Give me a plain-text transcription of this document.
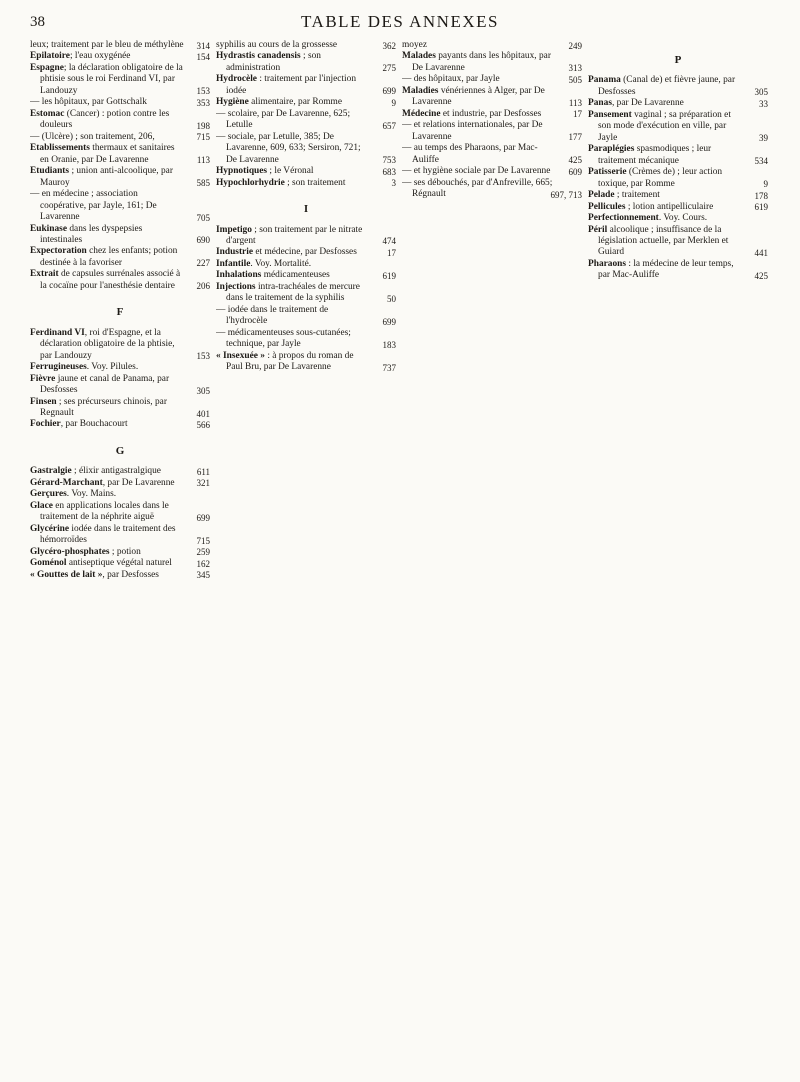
38	TABLE DES ANNEXES
leux; traitement par le bleu de méthylène 314
Epilatoire; l'eau oxygénée	154
Espagne; la déclaration obligatoire de la phtisie sous le roi Ferdinand VI, par Landouzy	153
— les hôpitaux, par Gottschalk	353
Estomac (Cancer) : potion contre les douleurs	198
— (Ulcère) ; son traitement, 206,	715
Etablissements thermaux et sanitaires en Oranie, par De Lavarenne	113
Etudiants ; union anti-alcoolique, par Mauroy	585
— en médecine ; association coopérative, par Jayle, 161; De Lavarenne	705
Eukinase dans les dyspepsies intestinales	690
Expectoration chez les enfants; potion destinée à la favoriser	227
Extrait de capsules surrénales associé à la cocaïne pour l'anesthésie dentaire 206
F
Ferdinand VI, roi d'Espagne, et la déclaration obligatoire de la phtisie, par Landouzy	153
Ferrugineuses. Voy. Pilules.
Fièvre jaune et canal de Panama, par Desfosses	305
Finsen ; ses précurseurs chinois, par Regnault	401
Fochier, par Bouchacourt	566
G
Gastralgie ; élixir antigastralgique	611
Gérard-Marchant, par De Lavarenne 321
Gerçures. Voy. Mains.
Glace en applications locales dans le traitement de la néphrite aiguë	699
Glycérine iodée dans le traitement des hémorroïdes	715
Glycéro-phosphates ; potion	259
Goménol antiseptique végétal naturel	162
« Gouttes de lait », par Desfosses	345
syphilis au cours de la grossesse	362
Hydrastis canadensis ; son administration	275
Hydrocèle : traitement par l'injection iodée	699
Hygiène alimentaire, par Romme	9
— scolaire, par De Lavarenne, 625; Letulle	657
— sociale, par Letulle, 385; De Lavarenne, 609, 633; Sersiron, 721; De Lavarenne	753
Hypnotiques ; le Véronal	683
Hypochlorhydrie ; son traitement	3
I
Impetigo ; son traitement par le nitrate d'argent	474
Industrie et médecine, par Desfosses	17
Infantile. Voy. Mortalité.
Inhalations médicamenteuses	619
Injections intra-trachéales de mercure dans le traitement de la syphilis	50
— iodée dans le traitement de l'hydrocèle	699
— médicamenteuses sous-cutanées; technique, par Jayle	183
« Insexuée » : à propos du roman de Paul Bru, par De Lavarenne	737
moyez	249
Malades payants dans les hôpitaux, par De Lavarenne	313
— des hôpitaux, par Jayle	505
Maladies vénériennes à Alger, par De Lavarenne	113
Médecine et industrie, par Desfosses	17
— et relations internationales, par De Lavarenne	177
— au temps des Pharaons, par Mac-Auliffe	425
— et hygiène sociale par De Lavarenne 609
— ses débouchés, par d'Anfreville, 665; Régnault	697, 713
P
Panama (Canal de) et fièvre jaune, par Desfosses	305
Panas, par De Lavarenne	33
Pansement vaginal ; sa préparation et son mode d'exécution en ville, par Jayle	39
Paraplégies spasmodiques ; leur traitement mécanique	534
Patisserie (Crèmes de) ; leur action toxique, par Romme	9
Pelade ; traitement	178
Pellicules ; lotion antipelliculaire	619
Perfectionnement. Voy. Cours.
Péril alcoolique ; insuffisance de la législation actuelle, par Merklen et Guiard	441
Pharaons : la médecine de leur temps, par Mac-Auliffe	425
